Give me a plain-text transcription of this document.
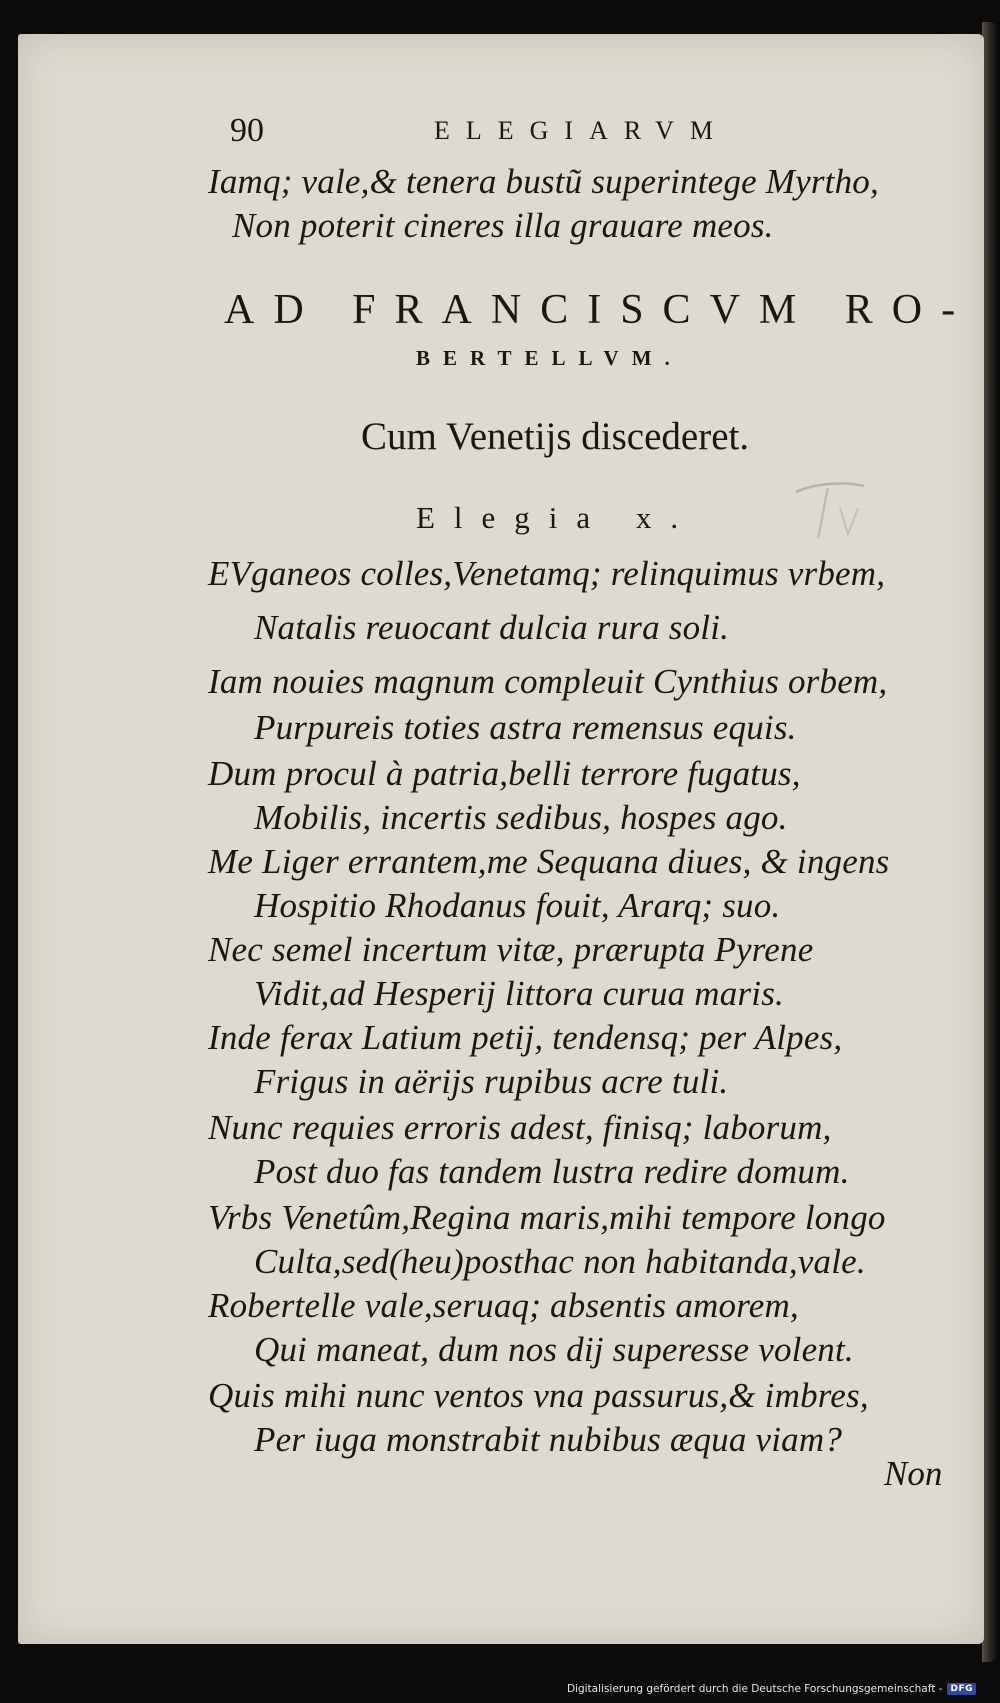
90	ELEGIARVM
Iamq; vale,& tenera bustũ superintege Myrtho,
Non poterit cineres illa grauare meos.
AD FRANCISCVM RO-
BERTELLVM.
Cum Venetijs discederet.
Elegia x.
EVganeos colles,Venetamq; relinquimus vrbem,
Natalis reuocant dulcia rura soli.
Iam nouies magnum compleuit Cynthius orbem,
Purpureis toties astra remensus equis.
Dum procul à patria,belli terrore fugatus,
Mobilis, incertis sedibus, hospes ago.
Me Liger errantem,me Sequana diues, & ingens
Hospitio Rhodanus fouit, Ararq; suo.
Nec semel incertum vitæ, prærupta Pyrene
Vidit,ad Hesperij littora curua maris.
Inde ferax Latium petij, tendensq; per Alpes,
Frigus in aërijs rupibus acre tuli.
Nunc requies erroris adest, finisq; laborum,
Post duo fas tandem lustra redire domum.
Vrbs Venetûm,Regina maris,mihi tempore longo
Culta,sed(heu)posthac non habitanda,vale.
Robertelle vale,seruaq; absentis amorem,
Qui maneat, dum nos dij superesse volent.
Quis mihi nunc ventos vna passurus,& imbres,
Per iuga monstrabit nubibus æqua viam?
Non
Digitalisierung gefördert durch die Deutsche Forschungsgemeinschaft - DFG
